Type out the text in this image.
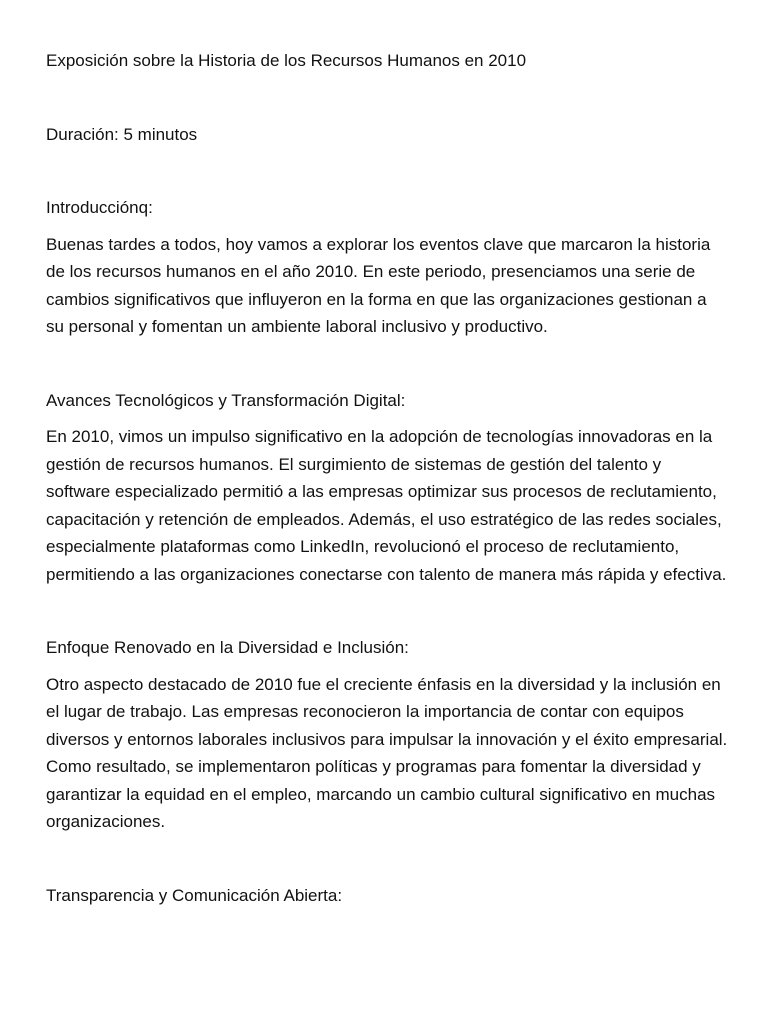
Exposición sobre la Historia de los Recursos Humanos en 2010

Duración: 5 minutos

Introducciónq:

Buenas tardes a todos, hoy vamos a explorar los eventos clave que marcaron la historia de los recursos humanos en el año 2010. En este periodo, presenciamos una serie de cambios significativos que influyeron en la forma en que las organizaciones gestionan a su personal y fomentan un ambiente laboral inclusivo y productivo.

Avances Tecnológicos y Transformación Digital:

En 2010, vimos un impulso significativo en la adopción de tecnologías innovadoras en la gestión de recursos humanos. El surgimiento de sistemas de gestión del talento y software especializado permitió a las empresas optimizar sus procesos de reclutamiento, capacitación y retención de empleados. Además, el uso estratégico de las redes sociales, especialmente plataformas como LinkedIn, revolucionó el proceso de reclutamiento, permitiendo a las organizaciones conectarse con talento de manera más rápida y efectiva.

Enfoque Renovado en la Diversidad e Inclusión:

Otro aspecto destacado de 2010 fue el creciente énfasis en la diversidad y la inclusión en el lugar de trabajo. Las empresas reconocieron la importancia de contar con equipos diversos y entornos laborales inclusivos para impulsar la innovación y el éxito empresarial. Como resultado, se implementaron políticas y programas para fomentar la diversidad y garantizar la equidad en el empleo, marcando un cambio cultural significativo en muchas organizaciones.

Transparencia y Comunicación Abierta:
